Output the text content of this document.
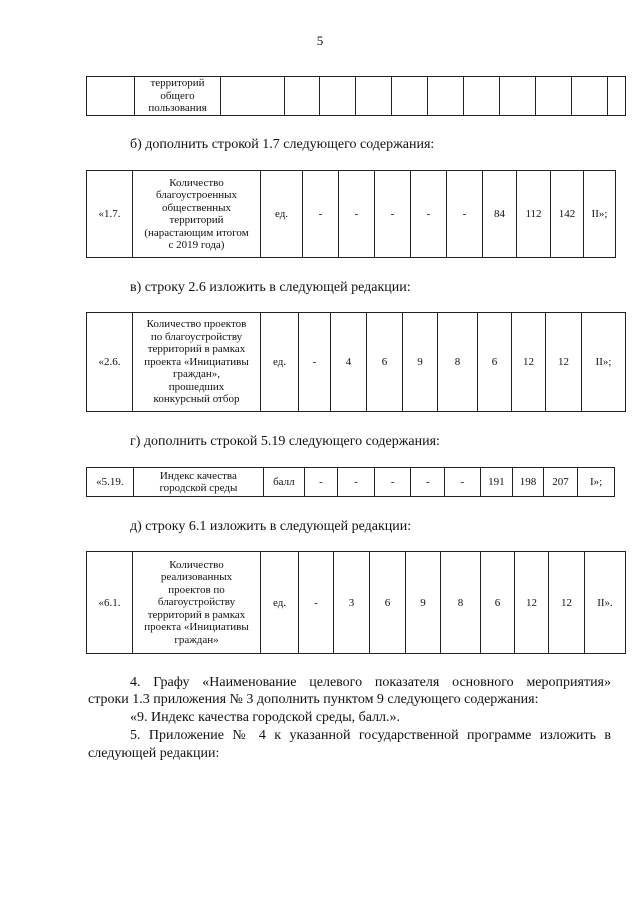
5
	территорий
общего
пользования											
б) дополнить строкой 1.7 следующего содержания:
«1.7.	Количество
благоустроенных
общественных
территорий
(нарастающим итогом
с 2019 года)	ед.	-	-	-	-	-	84	112	142	II»;
в) строку 2.6 изложить в следующей редакции:
«2.6.	Количество проектов
по благоустройству
территорий в рамках
проекта «Инициативы
граждан»,
прошедших
конкурсный отбор	ед.	-	4	6	9	8	6	12	12	II»;
г) дополнить строкой 5.19 следующего содержания:
«5.19.	Индекс качества
городской среды	балл	-	-	-	-	-	191	198	207	I»;
д) строку 6.1 изложить в следующей редакции:
«6.1.	Количество
реализованных
проектов по
благоустройству
территорий в рамках
проекта «Инициативы
граждан»	ед.	-	3	6	9	8	6	12	12	II».
4. Графу «Наименование целевого показателя основного мероприятия»
строки 1.3 приложения № 3 дополнить пунктом 9 следующего содержания:
«9. Индекс качества городской среды, балл.».
5. Приложение № 4 к указанной государственной программе изложить в
следующей редакции:
